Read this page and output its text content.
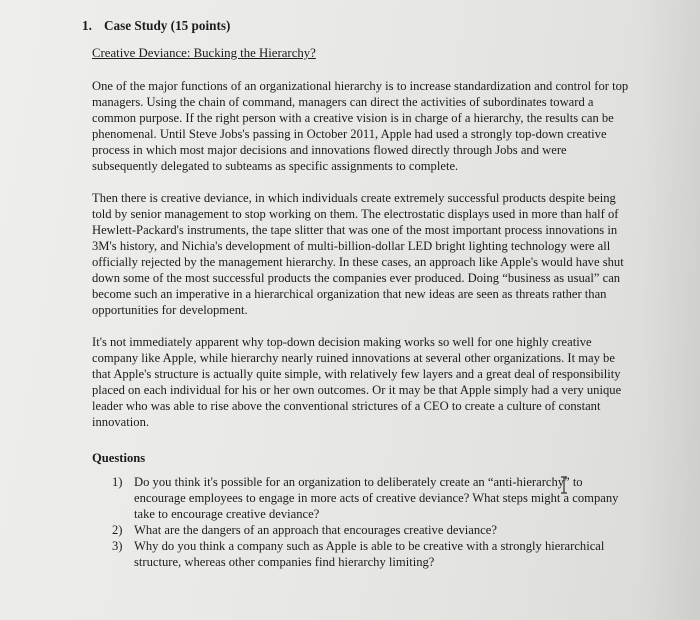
1. Case Study (15 points)
Creative Deviance: Bucking the Hierarchy?

One of the major functions of an organizational hierarchy is to increase standardization and control for top managers. Using the chain of command, managers can direct the activities of subordinates toward a common purpose. If the right person with a creative vision is in charge of a hierarchy, the results can be phenomenal. Until Steve Jobs's passing in October 2011, Apple had used a strongly top-down creative process in which most major decisions and innovations flowed directly through Jobs and were subsequently delegated to subteams as specific assignments to complete.

Then there is creative deviance, in which individuals create extremely successful products despite being told by senior management to stop working on them. The electrostatic displays used in more than half of Hewlett-Packard's instruments, the tape slitter that was one of the most important process innovations in 3M's history, and Nichia's development of multi-billion-dollar LED bright lighting technology were all officially rejected by the management hierarchy. In these cases, an approach like Apple's would have shut down some of the most successful products the companies ever produced. Doing “business as usual” can become such an imperative in a hierarchical organization that new ideas are seen as threats rather than opportunities for development.

It's not immediately apparent why top-down decision making works so well for one highly creative company like Apple, while hierarchy nearly ruined innovations at several other organizations. It may be that Apple's structure is actually quite simple, with relatively few layers and a great deal of responsibility placed on each individual for his or her own outcomes. Or it may be that Apple simply had a very unique leader who was able to rise above the conventional strictures of a CEO to create a culture of constant innovation.

Questions
1) Do you think it's possible for an organization to deliberately create an “anti-hierarchy” to encourage employees to engage in more acts of creative deviance? What steps might a company take to encourage creative deviance?
2) What are the dangers of an approach that encourages creative deviance?
3) Why do you think a company such as Apple is able to be creative with a strongly hierarchical structure, whereas other companies find hierarchy limiting?
